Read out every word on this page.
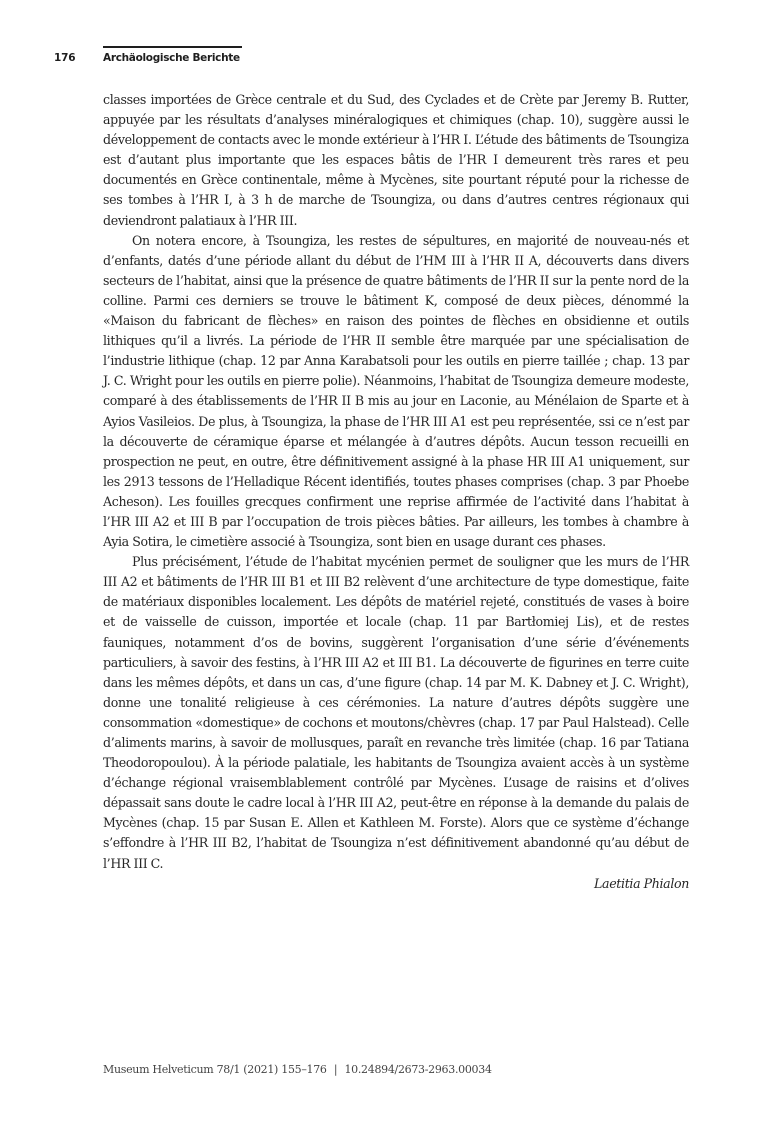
176	Archäologische Berichte

classes importées de Grèce centrale et du Sud, des Cyclades et de Crète par Jeremy B. Rutter, appuyée par les résultats d’analyses minéralogiques et chimiques (chap. 10), suggère aussi le développement de contacts avec le monde extérieur à l’HR I. L’étude des bâtiments de Tsoungiza est d’autant plus importante que les espaces bâtis de l’HR I demeurent très rares et peu documentés en Grèce continentale, même à Mycènes, site pourtant réputé pour la richesse de ses tombes à l’HR I, à 3 h de marche de Tsoungiza, ou dans d’autres centres régionaux qui deviendront palatiaux à l’HR III.

On notera encore, à Tsoungiza, les restes de sépultures, en majorité de nouveau-nés et d’enfants, datés d’une période allant du début de l’HM III à l’HR II A, découverts dans divers secteurs de l’habitat, ainsi que la présence de quatre bâtiments de l’HR II sur la pente nord de la colline. Parmi ces derniers se trouve le bâtiment K, composé de deux pièces, dénommé la «Maison du fabricant de flèches» en raison des pointes de flèches en obsidienne et outils lithiques qu’il a livrés. La période de l’HR II semble être marquée par une spécialisation de l’industrie lithique (chap. 12 par Anna Karabatsoli pour les outils en pierre taillée ; chap. 13 par J. C. Wright pour les outils en pierre polie). Néanmoins, l’habitat de Tsoungiza demeure modeste, comparé à des établissements de l’HR II B mis au jour en Laconie, au Ménélaion de Sparte et à Ayios Vasileios. De plus, à Tsoungiza, la phase de l’HR III A1 est peu représentée, ssi ce n’est par la découverte de céramique éparse et mélangée à d’autres dépôts. Aucun tesson recueilli en prospection ne peut, en outre, être définitivement assigné à la phase HR III A1 uniquement, sur les 2913 tessons de l’Helladique Récent identifiés, toutes phases comprises (chap. 3 par Phoebe Acheson). Les fouilles grecques confirment une reprise affirmée de l’activité dans l’habitat à l’HR III A2 et III B par l’occupation de trois pièces bâties. Par ailleurs, les tombes à chambre à Ayia Sotira, le cimetière associé à Tsoungiza, sont bien en usage durant ces phases.

Plus précisément, l’étude de l’habitat mycénien permet de souligner que les murs de l’HR III A2 et bâtiments de l’HR III B1 et III B2 relèvent d’une architecture de type domestique, faite de matériaux disponibles localement. Les dépôts de matériel rejeté, constitués de vases à boire et de vaisselle de cuisson, importée et locale (chap. 11 par Bartłomiej Lis), et de restes fauniques, notamment d’os de bovins, suggèrent l’organisation d’une série d’événements particuliers, à savoir des festins, à l’HR III A2 et III B1. La découverte de figurines en terre cuite dans les mêmes dépôts, et dans un cas, d’une figure (chap. 14 par M. K. Dabney et J. C. Wright), donne une tonalité religieuse à ces cérémonies. La nature d’autres dépôts suggère une consommation «domestique» de cochons et moutons/chèvres (chap. 17 par Paul Halstead). Celle d’aliments marins, à savoir de mollusques, paraît en revanche très limitée (chap. 16 par Tatiana Theodoropoulou). À la période palatiale, les habitants de Tsoungiza avaient accès à un système d’échange régional vraisemblablement contrôlé par Mycènes. L’usage de raisins et d’olives dépassait sans doute le cadre local à l’HR III A2, peut-être en réponse à la demande du palais de Mycènes (chap. 15 par Susan E. Allen et Kathleen M. Forste). Alors que ce système d’échange s’effondre à l’HR III B2, l’habitat de Tsoungiza n’est définitivement abandonné qu’au début de l’HR III C.

Laetitia Phialon

Museum Helveticum 78/1 (2021) 155–176 | 10.24894/2673-2963.00034
